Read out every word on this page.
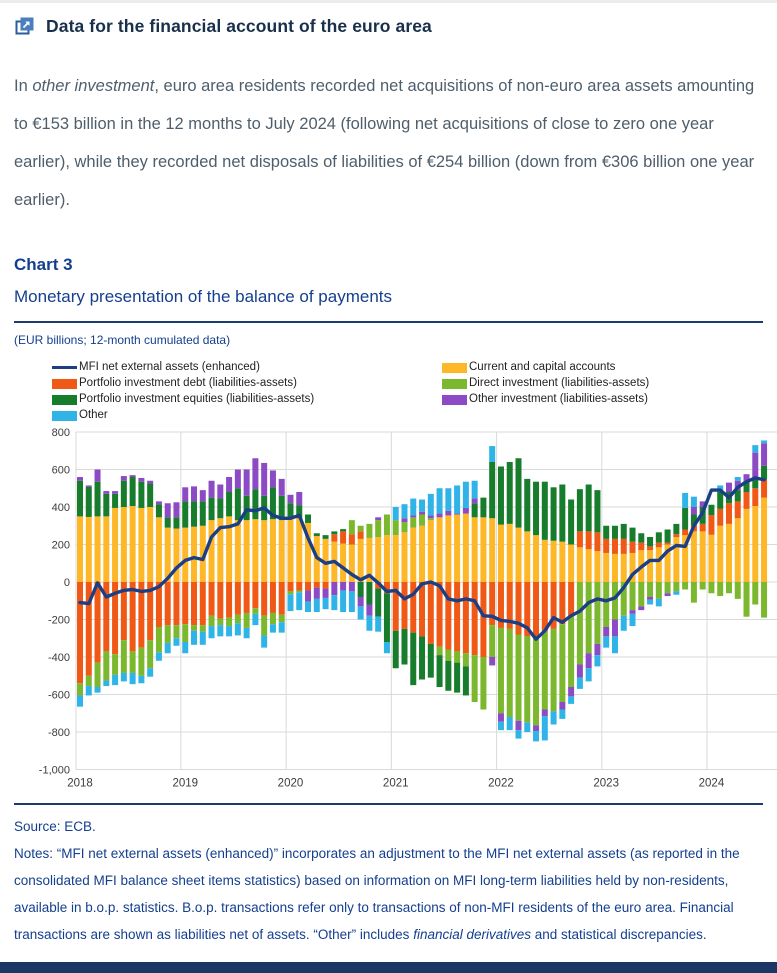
Data for the financial account of the euro area

In other investment, euro area residents recorded net acquisitions of non-euro area assets amounting to €153 billion in the 12 months to July 2024 (following net acquisitions of close to zero one year earlier), while they recorded net disposals of liabilities of €254 billion (down from €306 billion one year earlier).

Chart 3

Monetary presentation of the balance of payments

(EUR billions; 12-month cumulated data)

MFI net external assets (enhanced)
Portfolio investment debt (liabilities-assets)
Portfolio investment equities (liabilities-assets)
Other
Current and capital accounts
Direct investment (liabilities-assets)
Other investment (liabilities-assets)
800
600
400
200
0
-200
-400
-600
-800
-1,000
2018	2019	2020	2021	2022	2023	2024
Source: ECB.
Notes: “MFI net external assets (enhanced)” incorporates an adjustment to the MFI net external assets (as reported in the consolidated MFI balance sheet items statistics) based on information on MFI long-term liabilities held by non-residents, available in b.o.p. statistics. B.o.p. transactions refer only to transactions of non-MFI residents of the euro area. Financial transactions are shown as liabilities net of assets. “Other” includes financial derivatives and statistical discrepancies.
